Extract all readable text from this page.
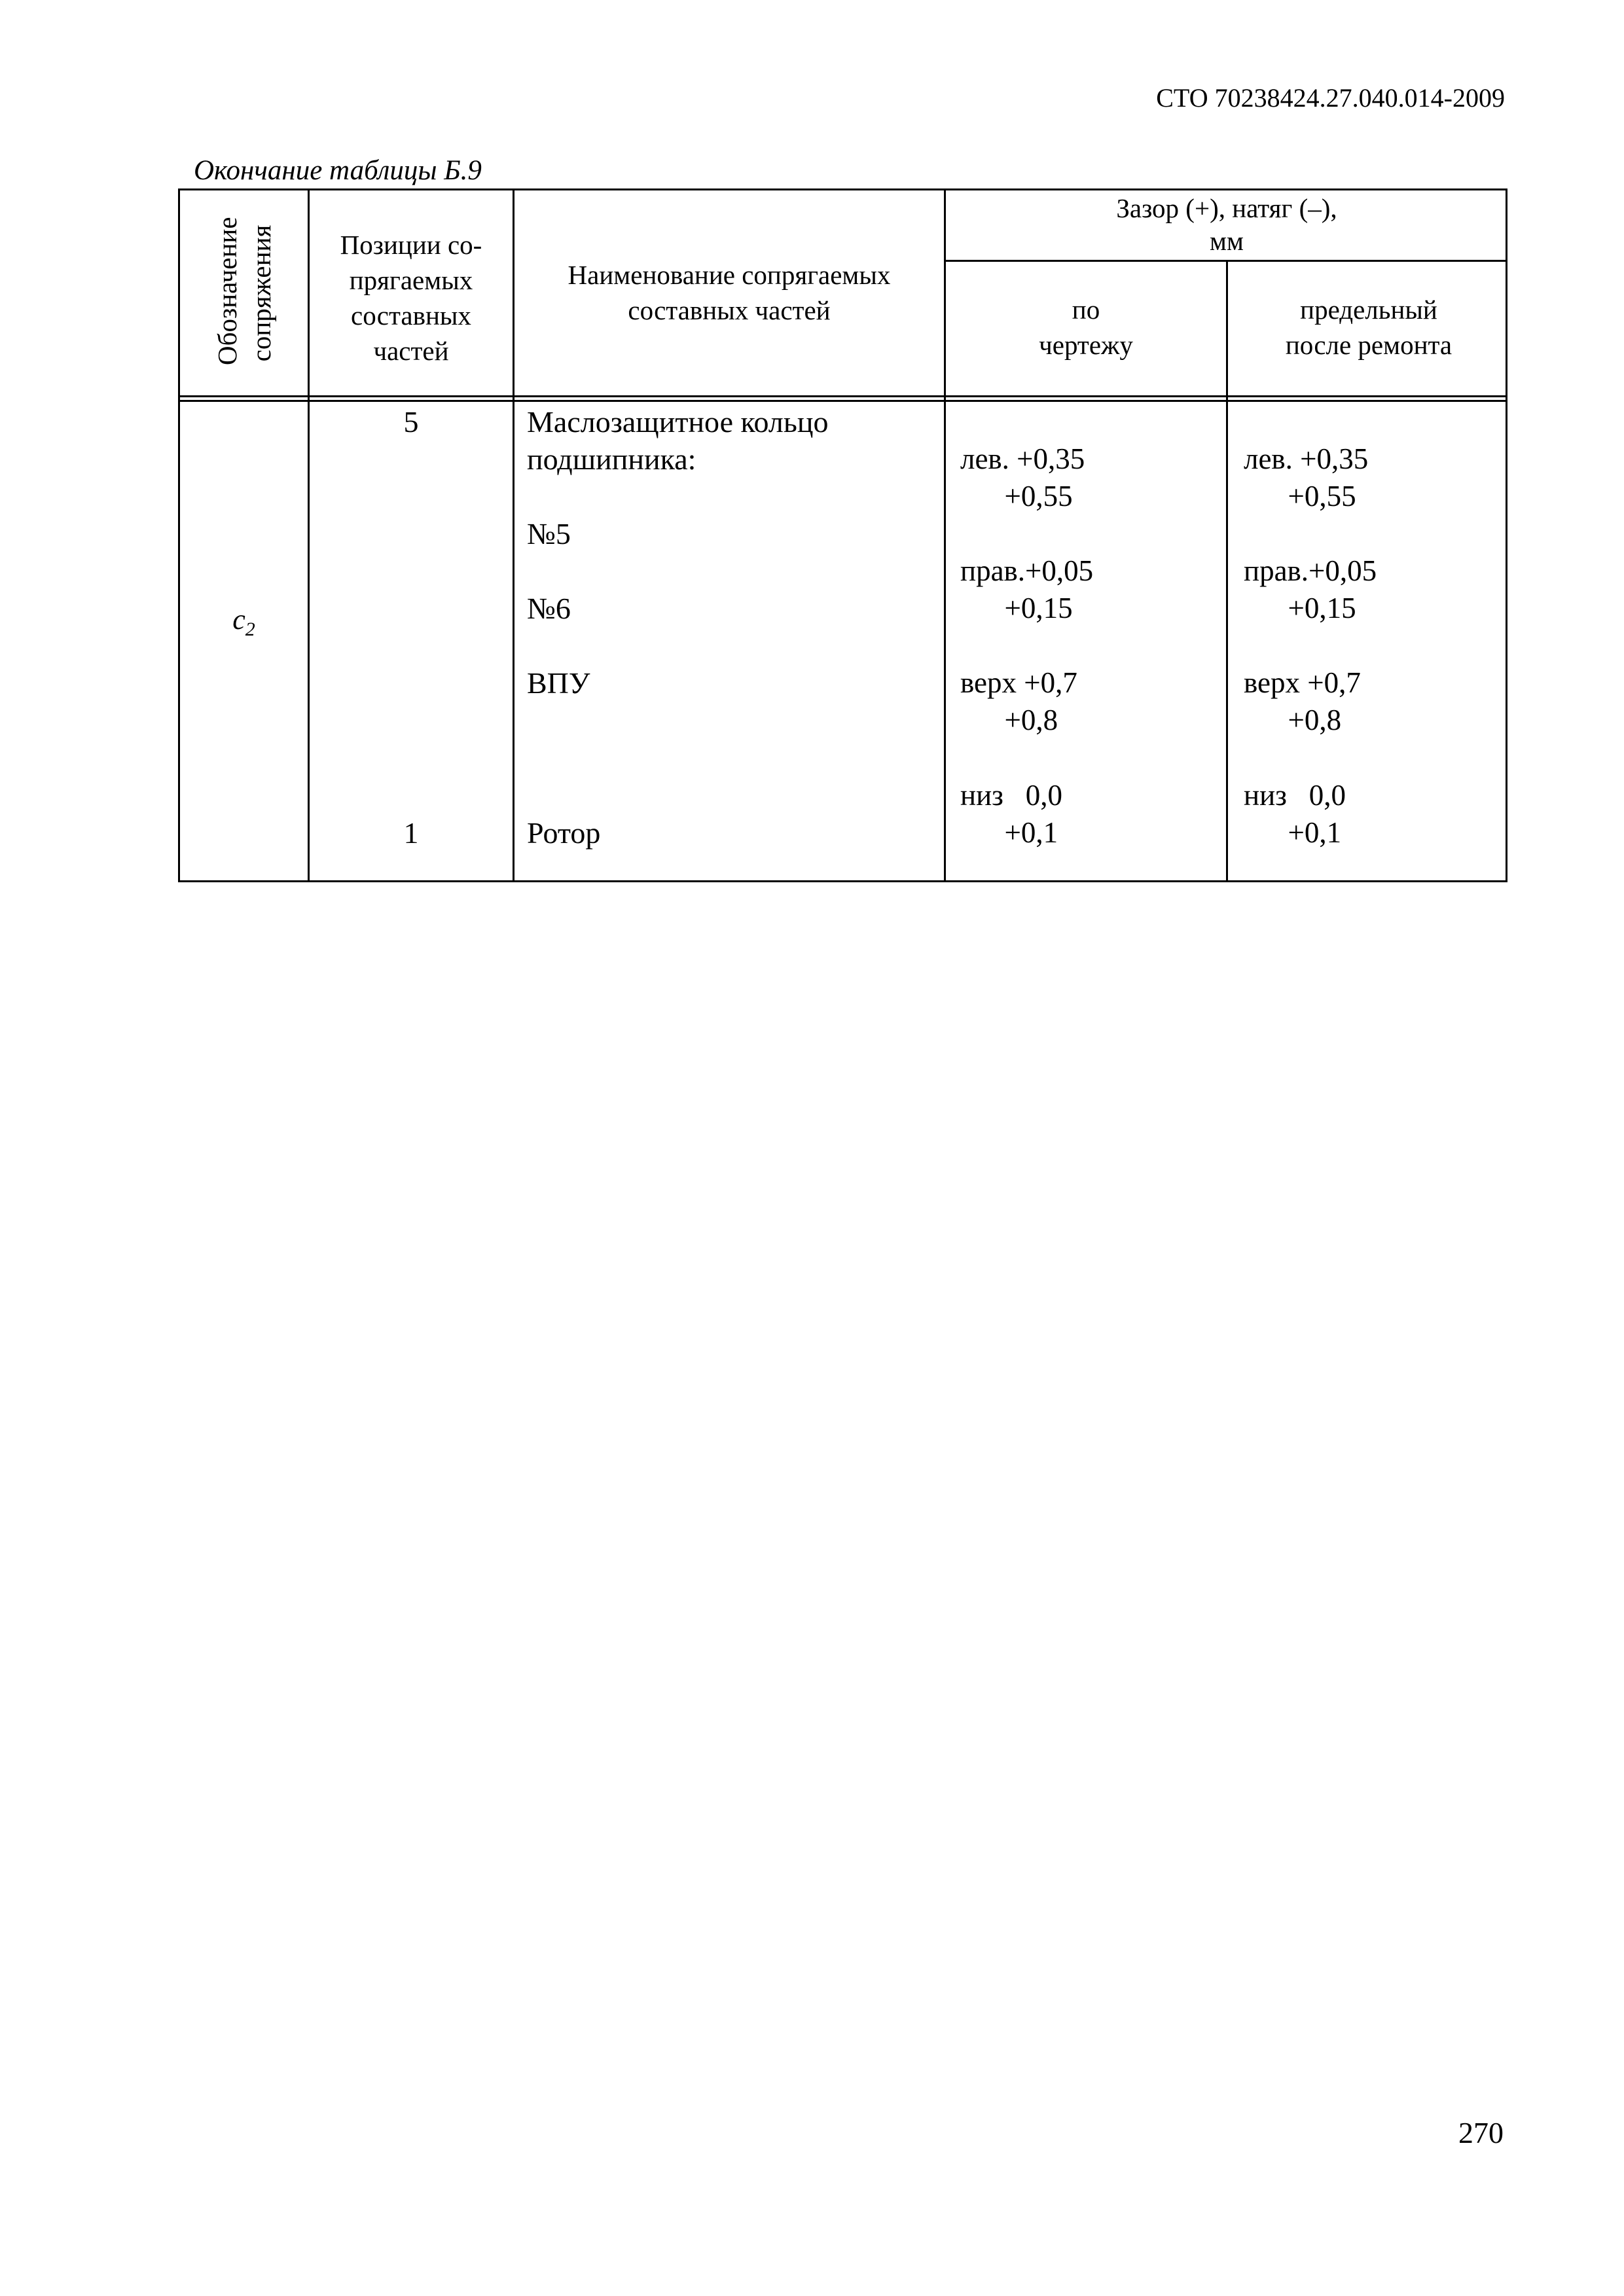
СТО 70238424.27.040.014-2009
Окончание таблицы Б.9
Обозначение сопряжения	Позиции со-
прягаемых
составных
частей
Наименование сопрягаемых
составных частей
Зазор (+), натяг (–),
мм
по
чертежу
предельный
после ремонта
$c_2$
5
1
Маслозащитное кольцо
подшипника:
№5
№6
ВПУ
Ротор
лев. +0,35
+0,55
прав.+0,05
+0,15
верх +0,7
+0,8
низ   0,0
+0,1
лев. +0,35
+0,55
прав.+0,05
+0,15
верх +0,7
+0,8
низ   0,0
+0,1
270
